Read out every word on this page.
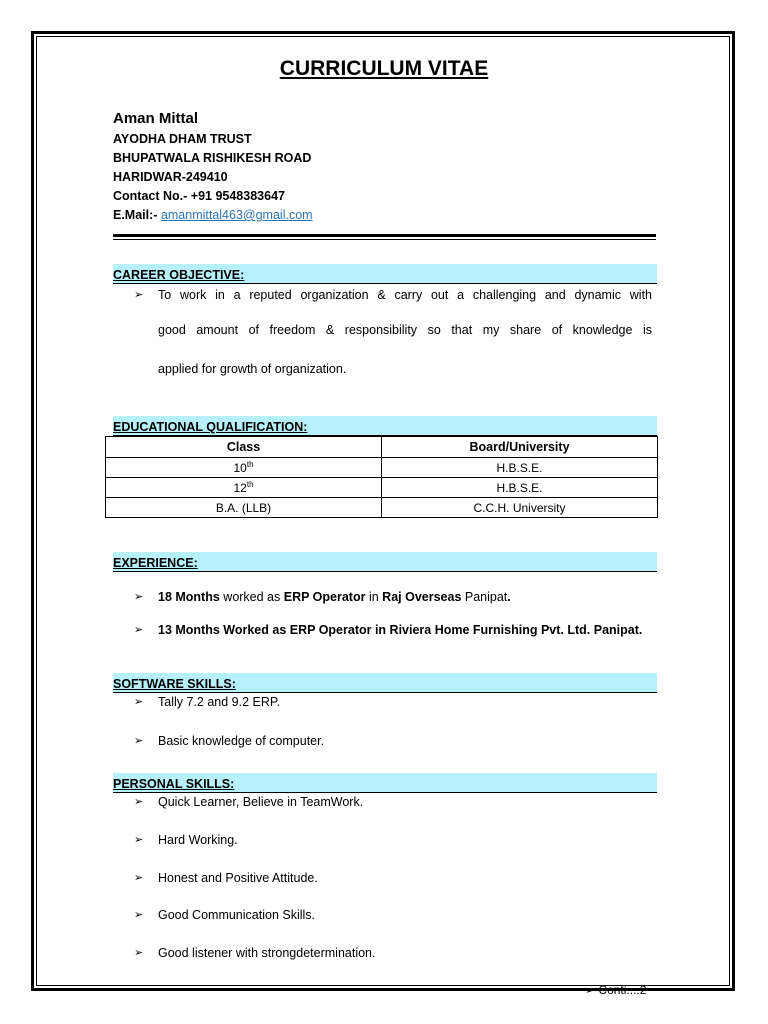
CURRICULUM VITAE
Aman Mittal
AYODHA DHAM TRUST
BHUPATWALA RISHIKESH ROAD
HARIDWAR-249410
Contact No.- +91 9548383647
E.Mail:- amanmittal463@gmail.com
CAREER OBJECTIVE:
➢	To work in a reputed organization & carry out a challenging and dynamic with
good amount of freedom & responsibility so that my share of knowledge is
applied for growth of organization.
EDUCATIONAL QUALIFICATION:
Class	Board/University
10th	H.B.S.E.
12th	H.B.S.E.
B.A. (LLB)	C.C.H. University
EXPERIENCE:
➢	18 Months worked as ERP Operator in Raj Overseas Panipat.
➢	13 Months Worked as ERP Operator in Riviera Home Furnishing Pvt. Ltd. Panipat.
SOFTWARE SKILLS:
➢	Tally 7.2 and 9.2 ERP.
➢	Basic knowledge of computer.
PERSONAL SKILLS:
➢	Quick Learner, Believe in TeamWork.
➢	Hard Working.
➢	Honest and Positive Attitude.
➢	Good Communication Skills.
➢	Good listener with strongdetermination.
➢ Conti....2
